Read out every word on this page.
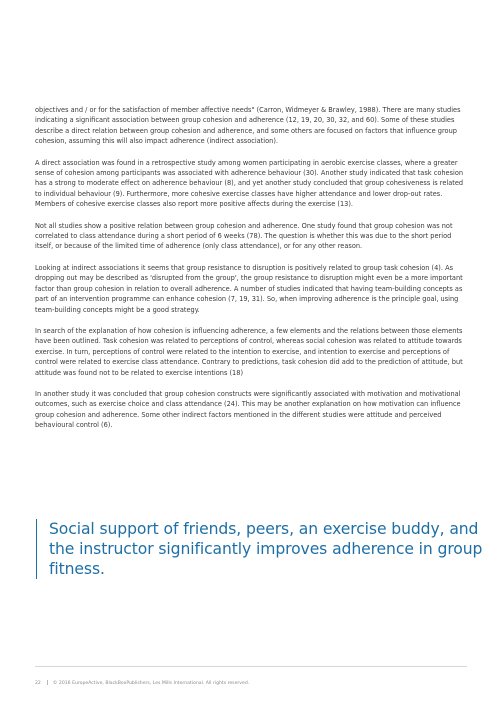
objectives and / or for the satisfaction of member affective needs" (Carron, Widmeyer & Brawley, 1988). There are many studies indicating a significant association between group cohesion and adherence (12, 19, 20, 30, 32, and 60). Some of these studies describe a direct relation between group cohesion and adherence, and some others are focused on factors that influence group cohesion, assuming this will also impact adherence (indirect association).

A direct association was found in a retrospective study among women participating in aerobic exercise classes, where a greater sense of cohesion among participants was associated with adherence behaviour (30). Another study indicated that task cohesion has a strong to moderate effect on adherence behaviour (8), and yet another study concluded that group cohesiveness is related to individual behaviour (9). Furthermore, more cohesive exercise classes have higher attendance and lower drop-out rates. Members of cohesive exercise classes also report more positive affects during the exercise (13).

Not all studies show a positive relation between group cohesion and adherence. One study found that group cohesion was not correlated to class attendance during a short period of 6 weeks (78). The question is whether this was due to the short period itself, or because of the limited time of adherence (only class attendance), or for any other reason.

Looking at indirect associations it seems that group resistance to disruption is positively related to group task cohesion (4). As dropping out may be described as 'disrupted from the group', the group resistance to disruption might even be a more important factor than group cohesion in relation to overall adherence. A number of studies indicated that having team-building concepts as part of an intervention programme can enhance cohesion (7, 19, 31). So, when improving adherence is the principle goal, using team-building concepts might be a good strategy.

In search of the explanation of how cohesion is influencing adherence, a few elements and the relations between those elements have been outlined. Task cohesion was related to perceptions of control, whereas social cohesion was related to attitude towards exercise. In turn, perceptions of control were related to the intention to exercise, and intention to exercise and perceptions of control were related to exercise class attendance. Contrary to predictions, task cohesion did add to the prediction of attitude, but attitude was found not to be related to exercise intentions (18)

In another study it was concluded that group cohesion constructs were significantly associated with motivation and motivational outcomes, such as exercise choice and class attendance (24). This may be another explanation on how motivation can influence group cohesion and adherence. Some other indirect factors mentioned in the different studies were attitude and perceived behavioural control (6).

Social support of friends, peers, an exercise buddy, and the instructor significantly improves adherence in group fitness.

22	© 2016 EuropeActive, BlackBoxPublishers, Les Mills International. All rights reserved.
